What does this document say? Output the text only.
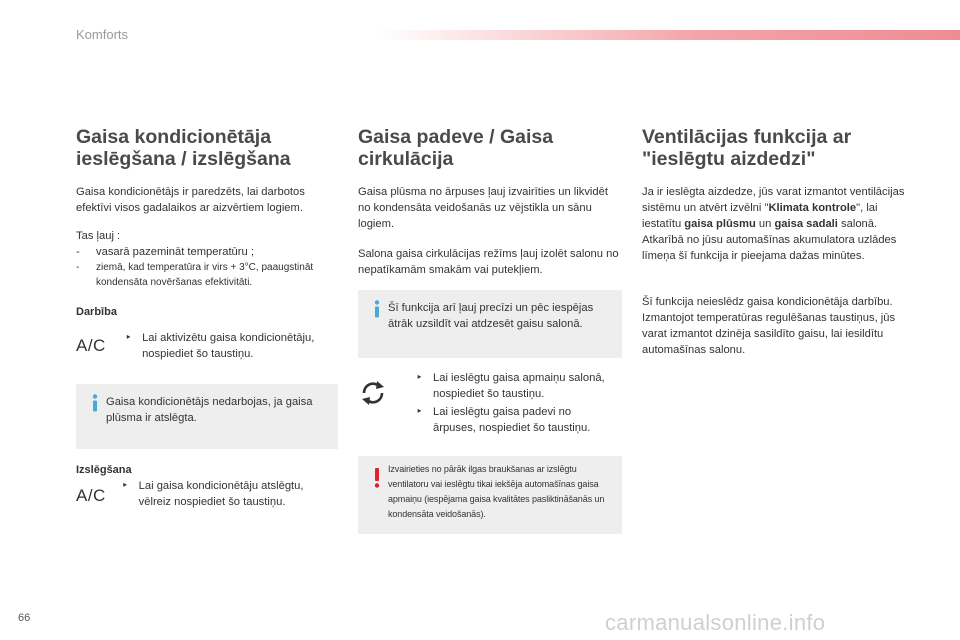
Komforts
Gaisa kondicionētāja ieslēgšana / izslēgšana

Gaisa kondicionētājs ir paredzēts, lai darbotos efektīvi visos gadalaikos ar aizvērtiem logiem.

Tas ļauj :

- vasarā pazemināt temperatūru ;
- ziemā, kad temperatūra ir virs + 3°C, paaugstināt kondensāta novēršanas efektivitāti.
Darbība
A/C	‣ Lai aktivizētu gaisa kondicionētāju, nospiediet šo taustiņu.
Gaisa kondicionētājs nedarbojas, ja gaisa plūsma ir atslēgta.
Izslēgšana
A/C	‣ Lai gaisa kondicionētāju atslēgtu, vēlreiz nospiediet šo taustiņu.
Gaisa padeve / Gaisa cirkulācija

Gaisa plūsma no ārpuses ļauj izvairīties un likvidēt no kondensāta veidošanās uz vējstikla un sānu logiem.

Salona gaisa cirkulācijas režīms ļauj izolēt salonu no nepatīkamām smakām vai putekļiem.

Šī funkcija arī ļauj precīzi un pēc iespējas ātrāk uzsildīt vai atdzesēt gaisu salonā.
‣ Lai ieslēgtu gaisa apmaiņu salonā, nospiediet šo taustiņu.
‣ Lai ieslēgtu gaisa padevi no ārpuses, nospiediet šo taustiņu.
Izvairieties no pārāk ilgas braukšanas ar izslēgtu ventilatoru vai ieslēgtu tikai iekšēja automašīnas gaisa apmaiņu (iespējama gaisa kvalitātes pasliktināšanās un kondensāta veidošanās).
Ventilācijas funkcija ar "ieslēgtu aizdedzi"

Ja ir ieslēgta aizdedze, jūs varat izmantot ventilācijas sistēmu un atvērt izvēlni "Klimata kontrole", lai iestatītu gaisa plūsmu un gaisa sadali salonā.

Atkarībā no jūsu automašīnas akumulatora uzlādes līmeņa šī funkcija ir pieejama dažas minūtes.

Šī funkcija neieslēdz gaisa kondicionētāja darbību.

Izmantojot temperatūras regulēšanas taustiņus, jūs varat izmantot dzinēja sasildīto gaisu, lai iesildītu automašīnas salonu.

66	carmanualsonline.info
